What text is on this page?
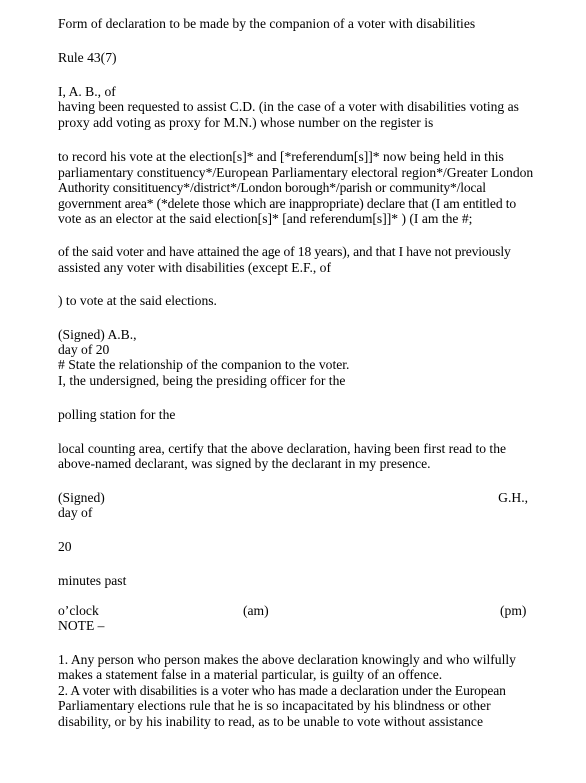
Form of declaration to be made by the companion of a voter with disabilities
Rule 43(7)
I, A. B., of
having been requested to assist C.D. (in the case of a voter with disabilities voting as
proxy add voting as proxy for M.N.) whose number on the register is
to record his vote at the election[s]* and [*referendum[s]]* now being held in this
parliamentary constituency*/European Parliamentary electoral region*/Greater London
Authority consitituency*/district*/London borough*/parish or community*/local
government area* (*delete those which are inappropriate) declare that (I am entitled to
vote as an elector at the said election[s]* [and referendum[s]]* ) (I am the #;
of the said voter and have attained the age of 18 years), and that I have not previously
assisted any voter with disabilities (except E.F., of
) to vote at the said elections.
(Signed) A.B.,
day of 20
# State the relationship of the companion to the voter.
I, the undersigned, being the presiding officer for the
polling station for the
local counting area, certify that the above declaration, having been first read to the
above-named declarant, was signed by the declarant in my presence.
(Signed)	G.H.,
day of
20
minutes past
o’clock	(am)	(pm)
NOTE –
1. Any person who person makes the above declaration knowingly and who wilfully
makes a statement false in a material particular, is guilty of an offence.
2. A voter with disabilities is a voter who has made a declaration under the European
Parliamentary elections rule that he is so incapacitated by his blindness or other
disability, or by his inability to read, as to be unable to vote without assistance
